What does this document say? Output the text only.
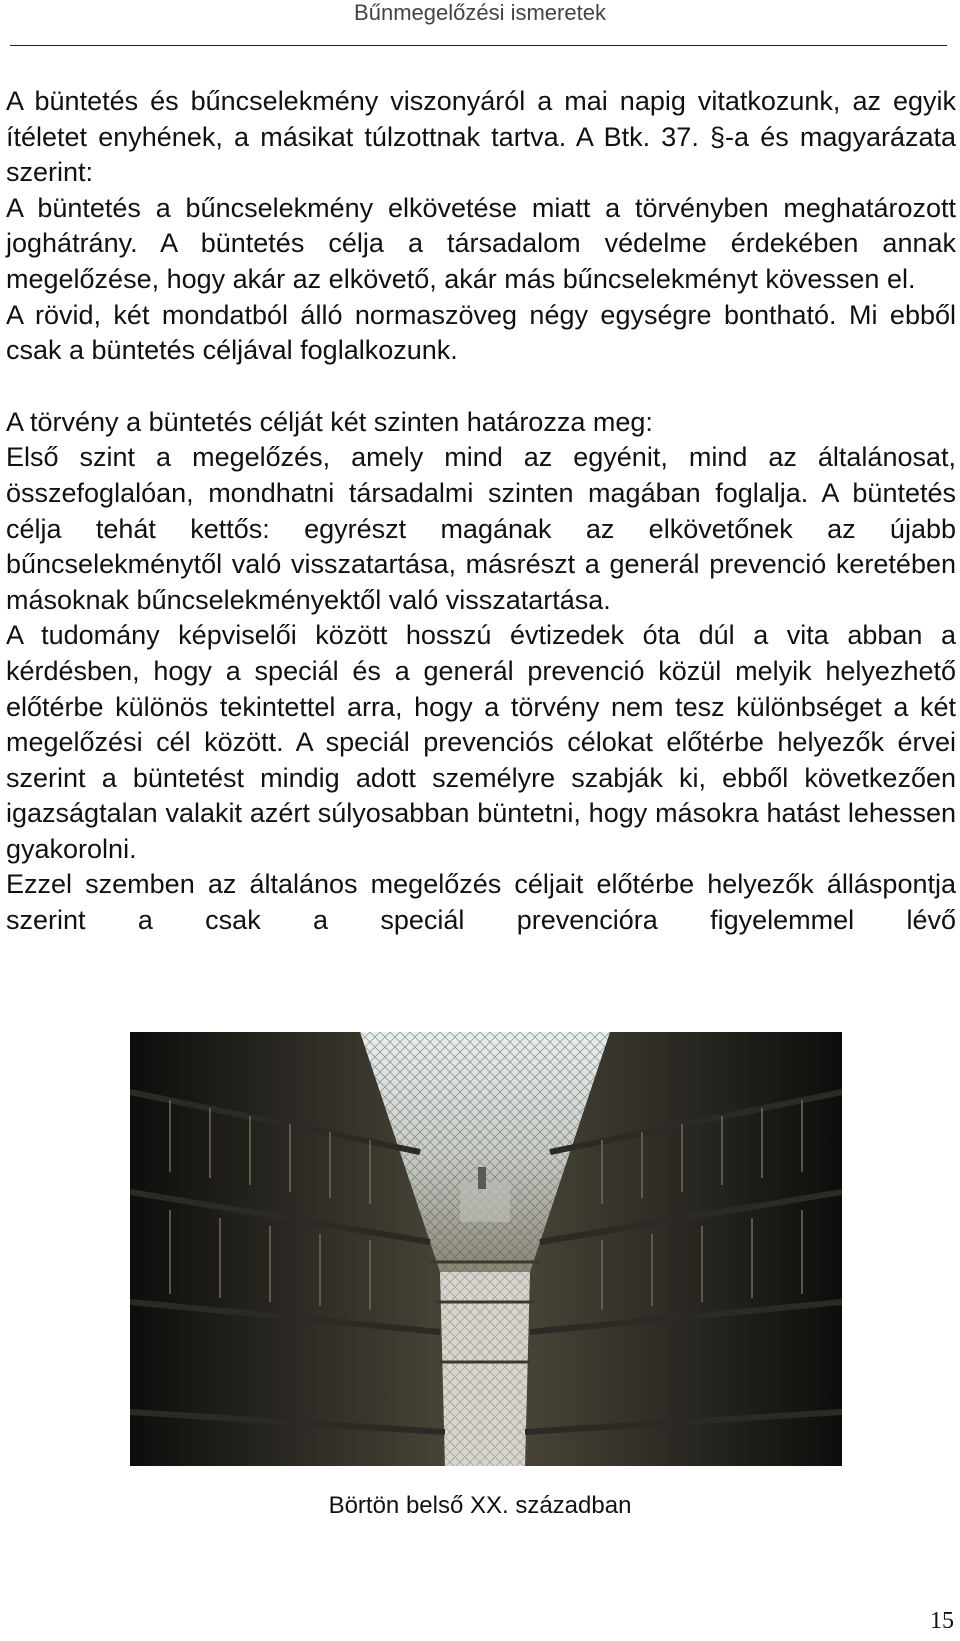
Bűnmegelőzési ismeretek

A büntetés és bűncselekmény viszonyáról a mai napig vitatkozunk, az egyik ítéletet enyhének, a másikat túlzottnak tartva. A Btk. 37. §-a és magyarázata szerint:

A büntetés a bűncselekmény elkövetése miatt a törvényben meghatározott joghátrány. A büntetés célja a társadalom védelme érdekében annak megelőzése, hogy akár az elkövető, akár más bűncselekményt kövessen el.

A rövid, két mondatból álló normaszöveg négy egységre bontható. Mi ebből csak a büntetés céljával foglalkozunk.

A törvény a büntetés célját két szinten határozza meg:

Első szint a megelőzés, amely mind az egyénit, mind az általánosat, összefoglalóan, mondhatni társadalmi szinten magában foglalja. A büntetés célja tehát kettős: egyrészt magának az elkövetőnek az újabb bűncselekménytől való visszatartása, másrészt a generál prevenció keretében másoknak bűncselekményektől való visszatartása.

A tudomány képviselői között hosszú évtizedek óta dúl a vita abban a kérdésben, hogy a speciál és a generál prevenció közül melyik helyezhető előtérbe különös tekintettel arra, hogy a törvény nem tesz különbséget a két megelőzési cél között. A speciál prevenciós célokat előtérbe helyezők érvei szerint a büntetést mindig adott személyre szabják ki, ebből következően igazságtalan valakit azért súlyosabban büntetni, hogy másokra hatást lehessen gyakorolni.

Ezzel szemben az általános megelőzés céljait előtérbe helyezők álláspontja szerint a csak a speciál prevencióra figyelemmel lévő

Börtön belső XX. században
15
